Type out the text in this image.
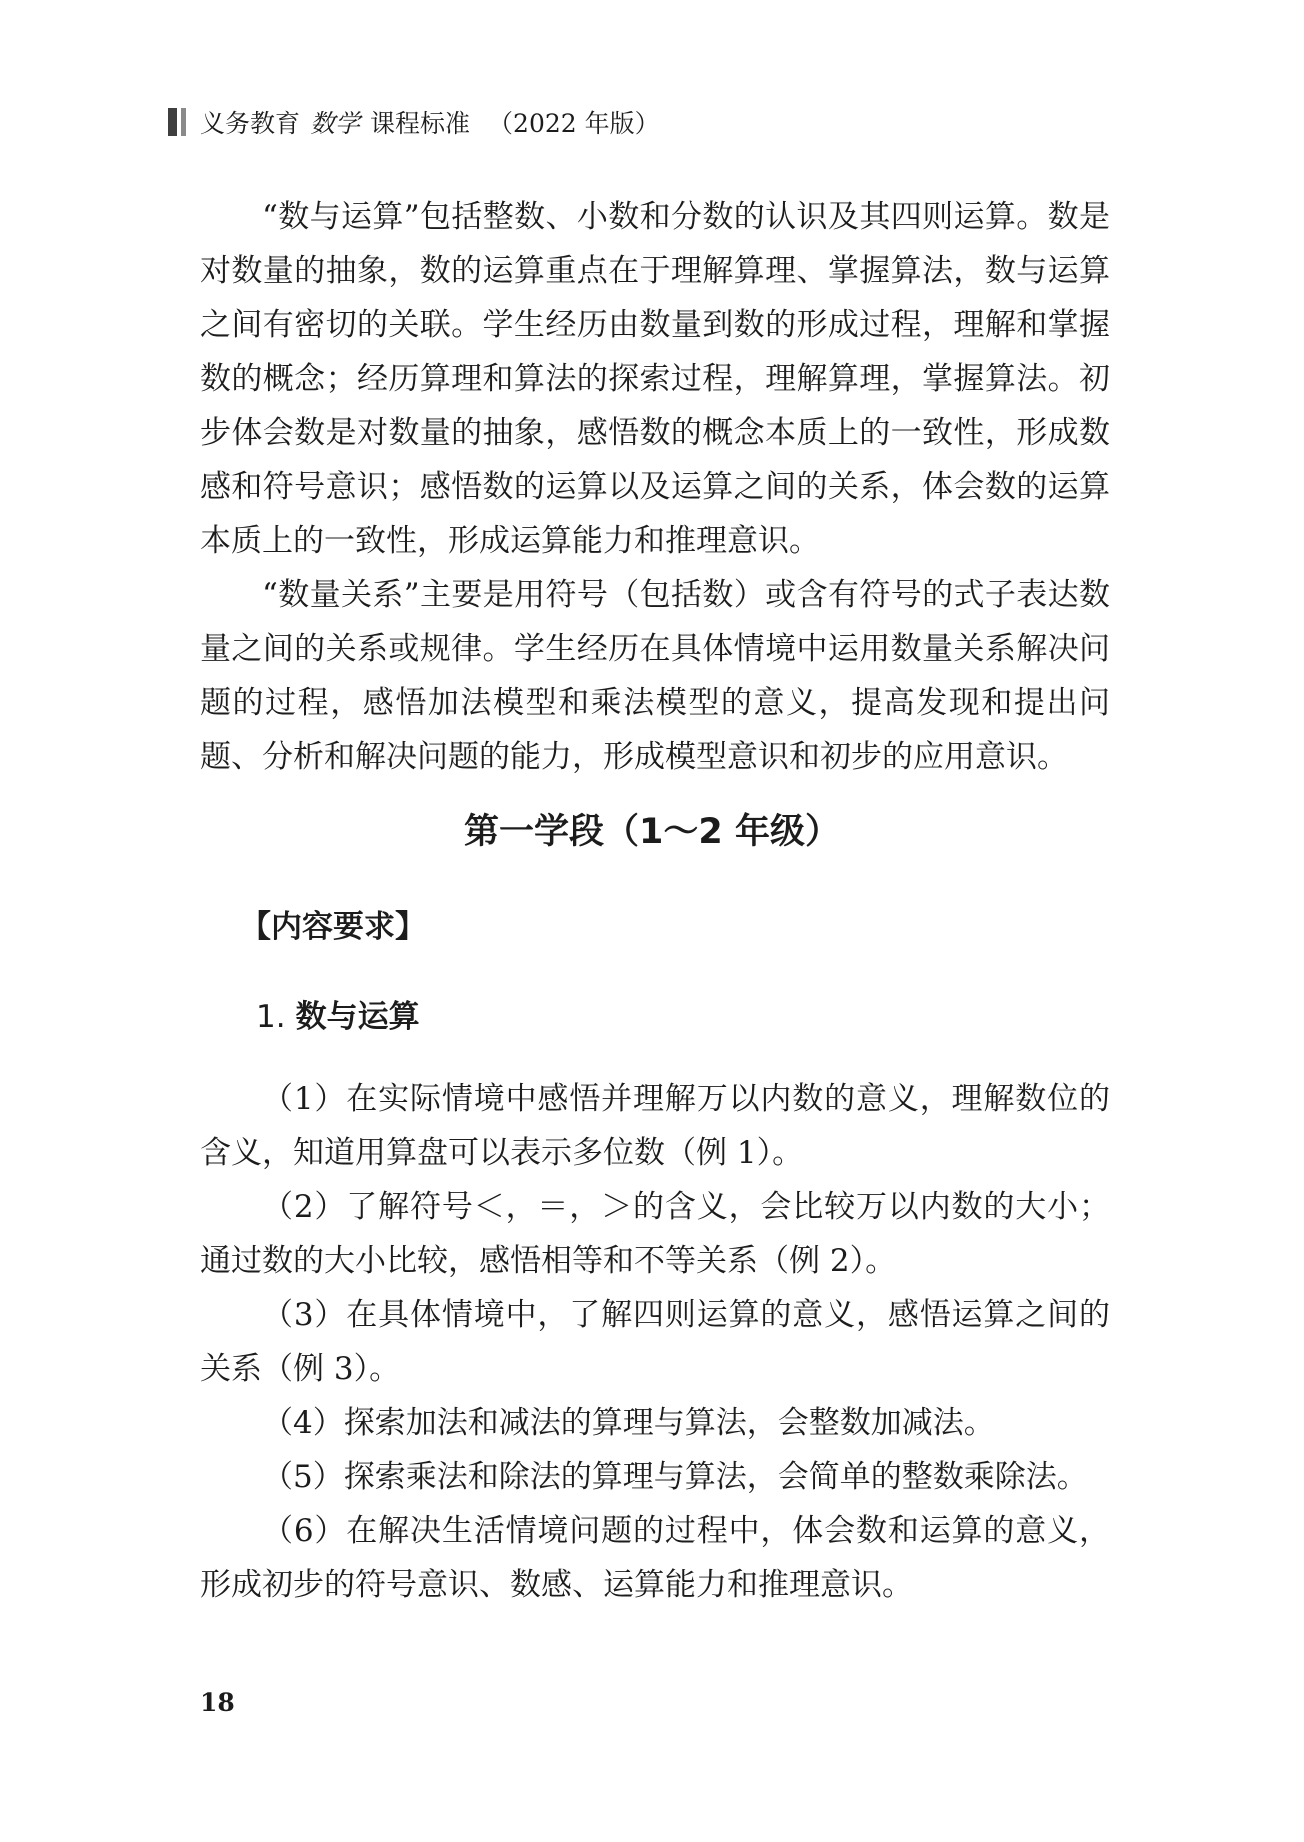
义务教育 数学 课程标准 （2022 年版）

“数与运算”包括整数、小数和分数的认识及其四则运算。数是对数量的抽象，数的运算重点在于理解算理、掌握算法，数与运算之间有密切的关联。学生经历由数量到数的形成过程，理解和掌握数的概念；经历算理和算法的探索过程，理解算理，掌握算法。初步体会数是对数量的抽象，感悟数的概念本质上的一致性，形成数感和符号意识；感悟数的运算以及运算之间的关系，体会数的运算本质上的一致性，形成运算能力和推理意识。

“数量关系”主要是用符号（包括数）或含有符号的式子表达数量之间的关系或规律。学生经历在具体情境中运用数量关系解决问题的过程，感悟加法模型和乘法模型的意义，提高发现和提出问题、分析和解决问题的能力，形成模型意识和初步的应用意识。

第一学段（1～2 年级）
【内容要求】
1. 数与运算

（1）在实际情境中感悟并理解万以内数的意义，理解数位的含义，知道用算盘可以表示多位数（例 1）。

（2）了解符号＜，＝，＞的含义，会比较万以内数的大小；通过数的大小比较，感悟相等和不等关系（例 2）。

（3）在具体情境中，了解四则运算的意义，感悟运算之间的关系（例 3）。

（4）探索加法和减法的算理与算法，会整数加减法。

（5）探索乘法和除法的算理与算法，会简单的整数乘除法。

（6）在解决生活情境问题的过程中，体会数和运算的意义，形成初步的符号意识、数感、运算能力和推理意识。

18
